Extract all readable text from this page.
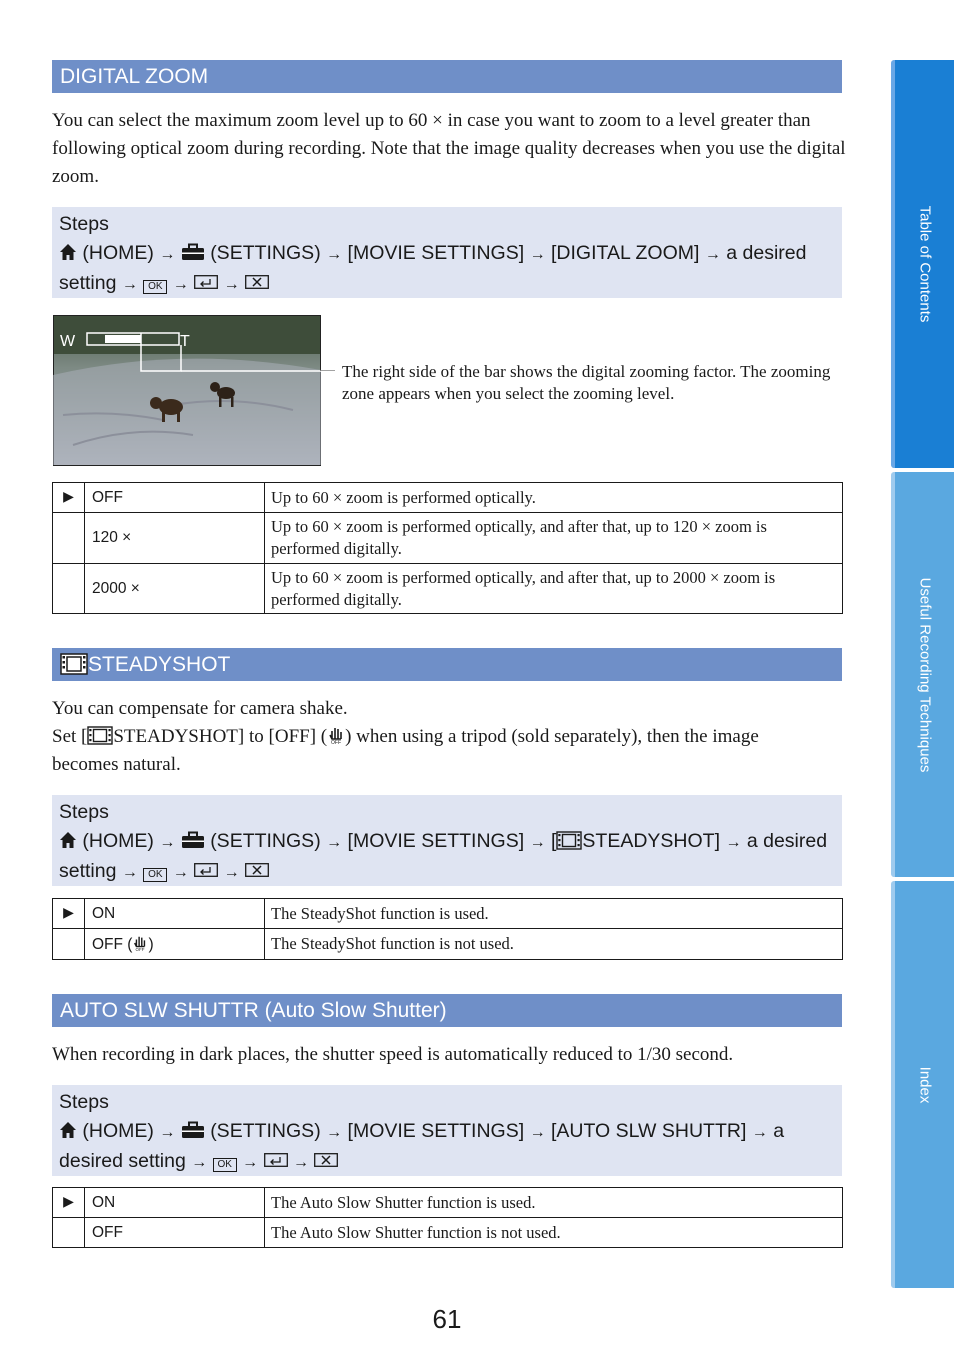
DIGITAL ZOOM
You can select the maximum zoom level up to 60 × in case you want to zoom to a level greater than following optical zoom during recording. Note that the image quality decreases when you use the digital zoom.
Steps
(HOME) → (SETTINGS) → [MOVIE SETTINGS] → [DIGITAL ZOOM] → a desired
setting → OK → →
W	T
The right side of the bar shows the digital zooming factor. The zooming zone appears when you select the zooming level.
▶	OFF	Up to 60 × zoom is performed optically.
	120 ×	Up to 60 × zoom is performed optically, and after that, up to 120 × zoom is performed digitally.
	2000 ×	Up to 60 × zoom is performed optically, and after that, up to 2000 × zoom is performed digitally.
STEADYSHOT
You can compensate for camera shake.
Set [ STEADYSHOT] to [OFF] ( OFF ) when using a tripod (sold separately), then the image
becomes natural.
Steps
(HOME) → (SETTINGS) → [MOVIE SETTINGS] → [ STEADYSHOT] → a desired
setting → OK → →
▶	ON	The SteadyShot function is used.
	OFF ( OFF )	The SteadyShot function is not used.
AUTO SLW SHUTTR (Auto Slow Shutter)
When recording in dark places, the shutter speed is automatically reduced to 1/30 second.
Steps
(HOME) → (SETTINGS) → [MOVIE SETTINGS] → [AUTO SLW SHUTTR] → a
desired setting → OK → →
▶	ON	The Auto Slow Shutter function is used.
	OFF	The Auto Slow Shutter function is not used.
61
Table of Contents
Useful Recording Techniques
Index
